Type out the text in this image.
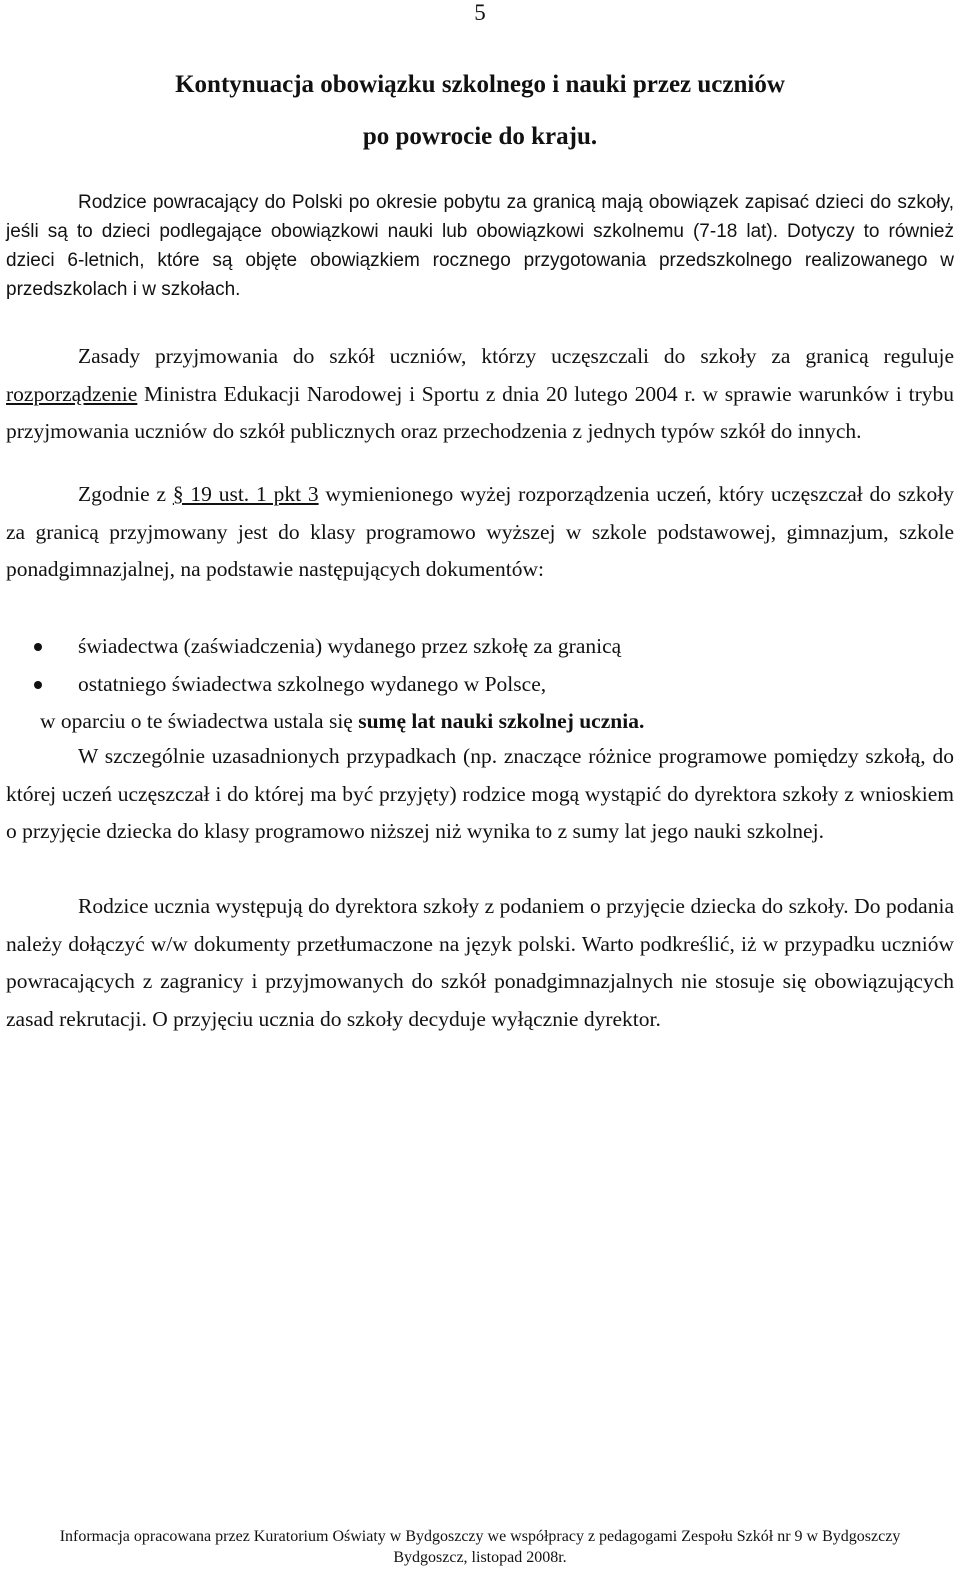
5
Kontynuacja obowiązku szkolnego i nauki przez uczniów
po powrocie do kraju.

Rodzice powracający do Polski po okresie pobytu za granicą mają obowiązek zapisać dzieci do szkoły, jeśli są to dzieci podlegające obowiązkowi nauki lub obowiązkowi szkolnemu (7-18 lat). Dotyczy to również dzieci 6-letnich, które są objęte obowiązkiem rocznego przygotowania przedszkolnego realizowanego w przedszkolach i w szkołach.

Zasady przyjmowania do szkół uczniów, którzy uczęszczali do szkoły za granicą reguluje rozporządzenie Ministra Edukacji Narodowej i Sportu z dnia 20 lutego 2004 r. w sprawie warunków i trybu przyjmowania uczniów do szkół publicznych oraz przechodzenia z jednych typów szkół do innych.

Zgodnie z § 19 ust. 1 pkt 3 wymienionego wyżej rozporządzenia uczeń, który uczęszczał do szkoły za granicą przyjmowany jest do klasy programowo wyższej w szkole podstawowej, gimnazjum, szkole ponadgimnazjalnej, na podstawie następujących dokumentów:

świadectwa (zaświadczenia) wydanego przez szkołę za granicą
ostatniego świadectwa szkolnego wydanego w Polsce,

w oparciu o te świadectwa ustala się sumę lat nauki szkolnej ucznia.

W szczególnie uzasadnionych przypadkach (np. znaczące różnice programowe pomiędzy szkołą, do której uczeń uczęszczał i do której ma być przyjęty) rodzice mogą wystąpić do dyrektora szkoły z wnioskiem o przyjęcie dziecka do klasy programowo niższej niż wynika to z sumy lat jego nauki szkolnej.

Rodzice ucznia występują do dyrektora szkoły z podaniem o przyjęcie dziecka do szkoły. Do podania należy dołączyć w/w dokumenty przetłumaczone na język polski. Warto podkreślić, iż w przypadku uczniów powracających z zagranicy i przyjmowanych do szkół ponadgimnazjalnych nie stosuje się obowiązujących zasad rekrutacji. O przyjęciu ucznia do szkoły decyduje wyłącznie dyrektor.

Informacja opracowana przez Kuratorium Oświaty w Bydgoszczy we współpracy z pedagogami Zespołu Szkół nr 9 w Bydgoszczy
Bydgoszcz, listopad 2008r.
